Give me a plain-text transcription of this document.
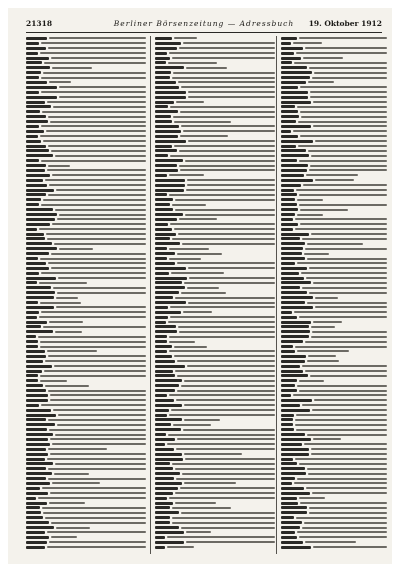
21318	Berliner Börsenzeitung — Adressbuch	19. Oktober 1912
